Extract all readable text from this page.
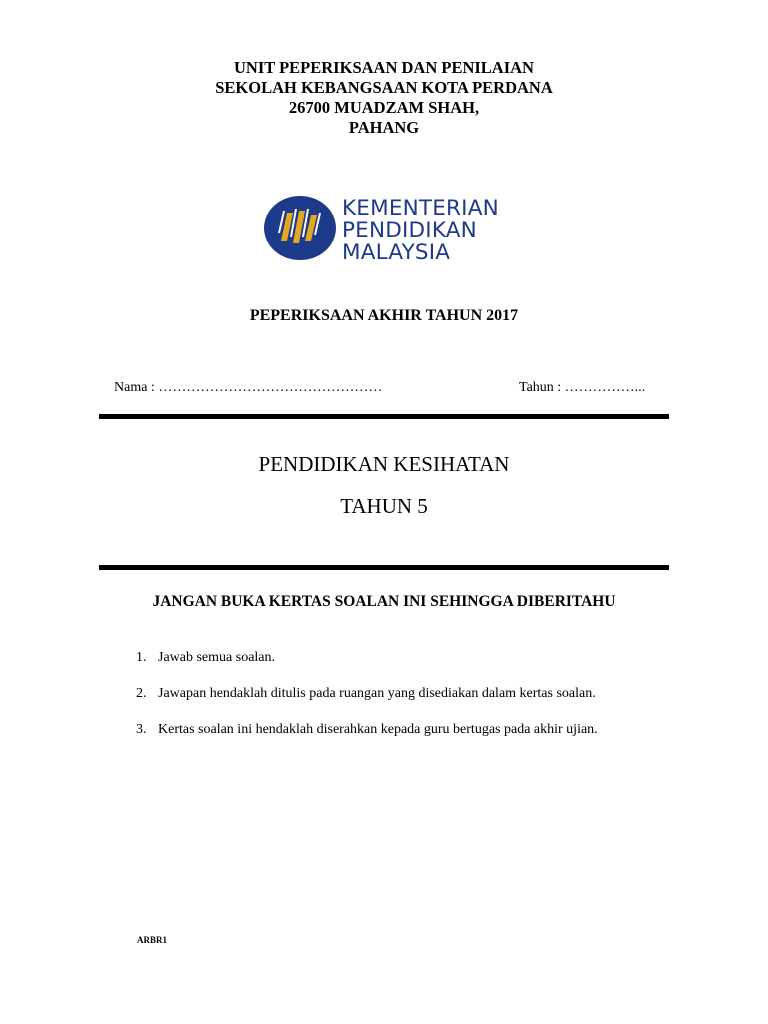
UNIT PEPERIKSAAN DAN PENILAIAN
SEKOLAH KEBANGSAAN KOTA PERDANA
26700 MUADZAM SHAH,
PAHANG
KEMENTERIAN
PENDIDIKAN
MALAYSIA
PEPERIKSAAN AKHIR TAHUN 2017
Nama : …………………………………………	Tahun : ……………...
PENDIDIKAN KESIHATAN
TAHUN 5
JANGAN BUKA KERTAS SOALAN INI SEHINGGA DIBERITAHU
1. Jawab semua soalan.
2. Jawapan hendaklah ditulis pada ruangan yang disediakan dalam kertas soalan.
3. Kertas soalan ini hendaklah diserahkan kepada guru bertugas pada akhir ujian.
ARBR1
